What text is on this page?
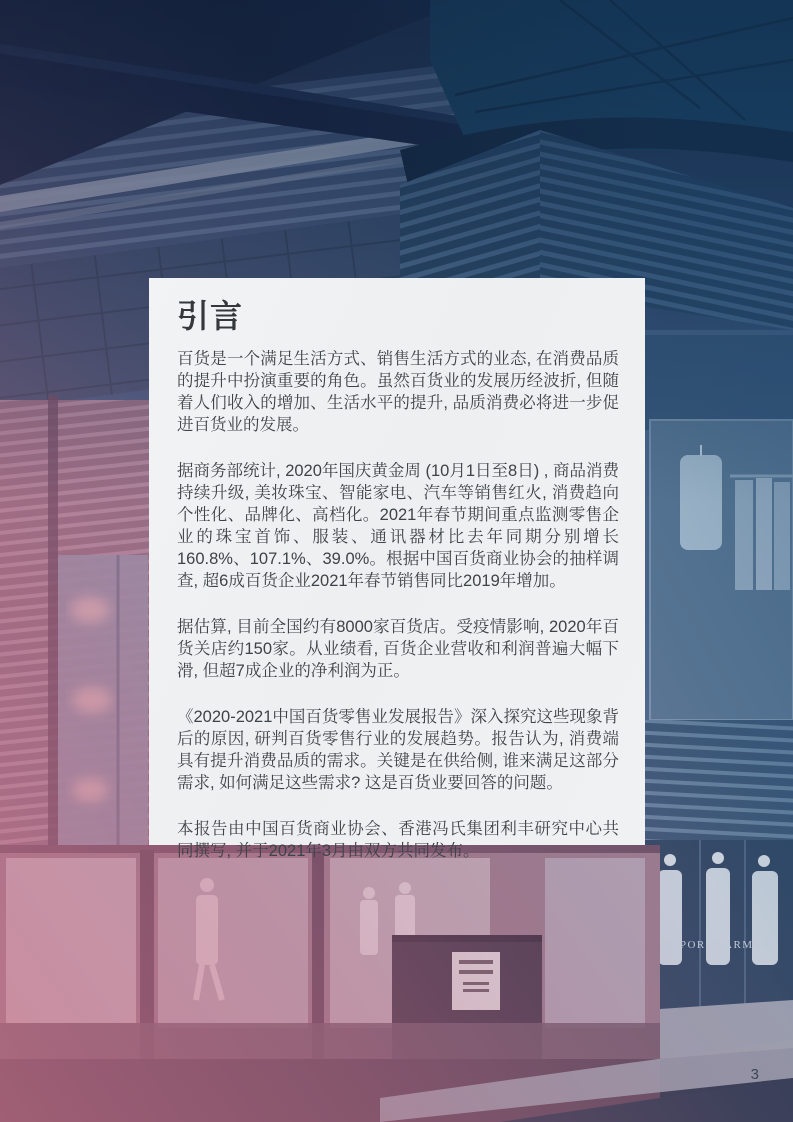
引言

百货是一个满足生活方式、销售生活方式的业态, 在消费品质的提升中扮演重要的角色。虽然百货业的发展历经波折, 但随着人们收入的增加、生活水平的提升, 品质消费必将进一步促进百货业的发展。

据商务部统计, 2020年国庆黄金周 (10月1日至8日) , 商品消费持续升级, 美妆珠宝、智能家电、汽车等销售红火, 消费趋向个性化、品牌化、高档化。2021年春节期间重点监测零售企业的珠宝首饰、服装、通讯器材比去年同期分别增长160.8%、107.1%、39.0%。根据中国百货商业协会的抽样调查, 超6成百货企业2021年春节销售同比2019年增加。

据估算, 目前全国约有8000家百货店。受疫情影响, 2020年百货关店约150家。从业绩看, 百货企业营收和利润普遍大幅下滑, 但超7成企业的净利润为正。

《2020-2021中国百货零售业发展报告》深入探究这些现象背后的原因, 研判百货零售行业的发展趋势。报告认为, 消费端具有提升消费品质的需求。关键是在供给侧, 谁来满足这部分需求, 如何满足这些需求? 这是百货业要回答的问题。

本报告由中国百货商业协会、香港冯氏集团利丰研究中心共同撰写, 并于2021年3月由双方共同发布。

3
